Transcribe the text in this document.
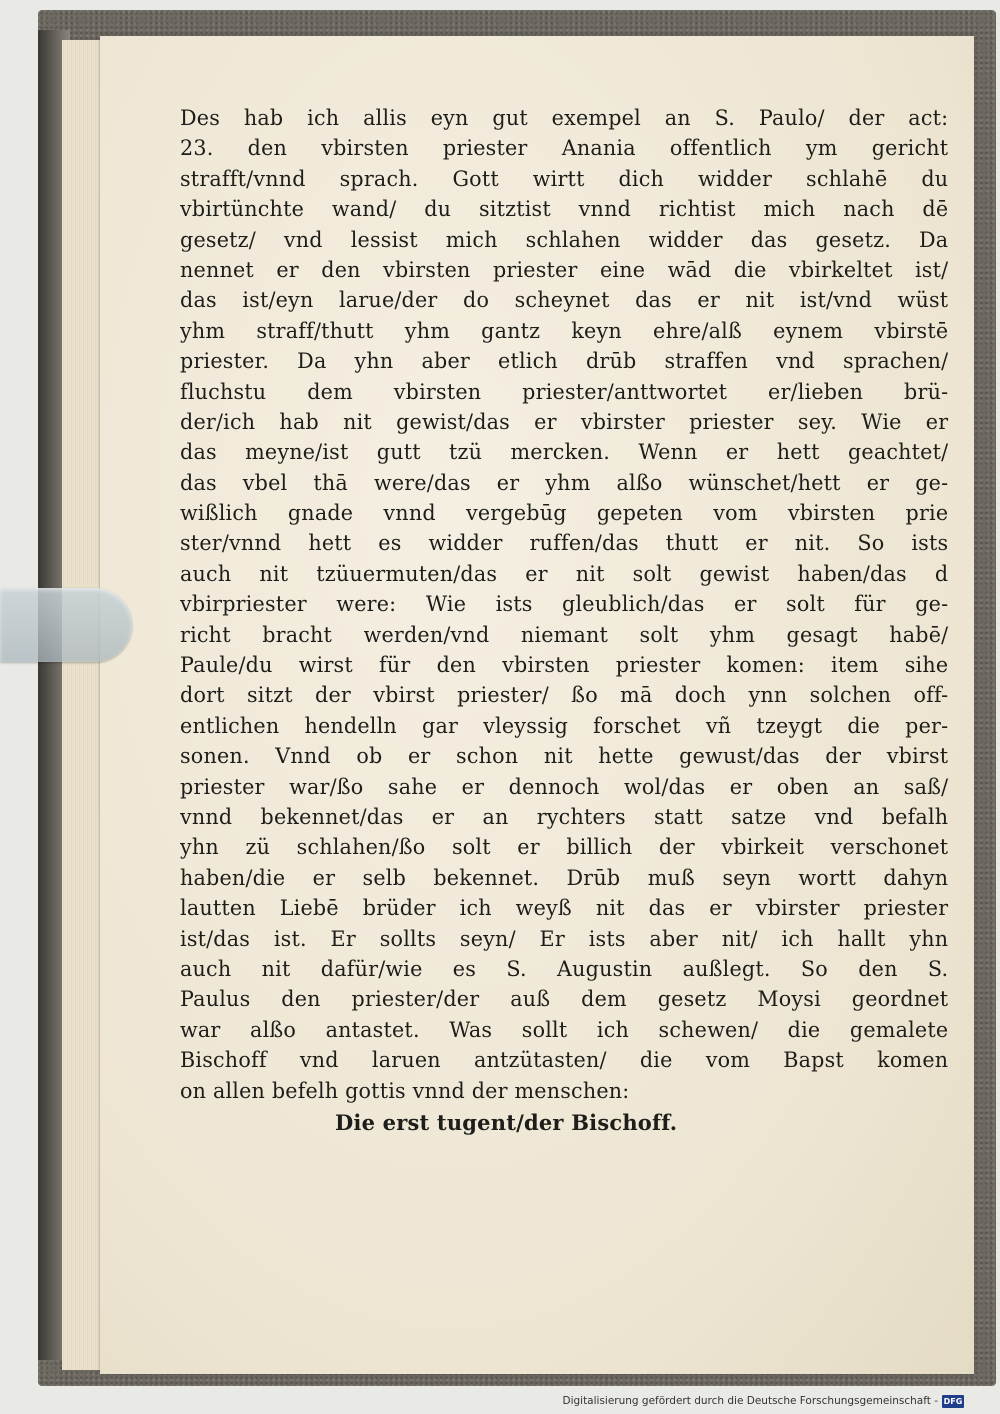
Des hab ich allis eyn gut exempel an S. Paulo/ der act:
23. den vbirsten priester Anania offentlich ym gericht
strafft/vnnd sprach. Gott wirtt dich widder schlahē du
vbirtünchte wand/ du sitztist vnnd richtist mich nach dē
gesetz/ vnd lessist mich schlahen widder das gesetz. Da
nennet er den vbirsten priester eine wād die vbirkeltet ist/
das ist/eyn larue/der do scheynet das er nit ist/vnd wüst
yhm straff/thutt yhm gantz keyn ehre/alß eynem vbirstē
priester. Da yhn aber etlich drūb straffen vnd sprachen/
fluchstu dem vbirsten priester/anttwortet er/lieben brü-
der/ich hab nit gewist/das er vbirster priester sey. Wie er
das meyne/ist gutt tzü mercken. Wenn er hett geachtet/
das vbel thā were/das er yhm alßo wünschet/hett er ge-
wißlich gnade vnnd vergebūg gepeten vom vbirsten prie
ster/vnnd hett es widder ruffen/das thutt er nit. So ists
auch nit tzüuermuten/das er nit solt gewist haben/das d
vbirpriester were: Wie ists gleublich/das er solt für ge-
richt bracht werden/vnd niemant solt yhm gesagt habē/
Paule/du wirst für den vbirsten priester komen: item sihe
dort sitzt der vbirst priester/ ßo mā doch ynn solchen off-
entlichen hendelln gar vleyssig forschet vñ tzeygt die per-
sonen. Vnnd ob er schon nit hette gewust/das der vbirst
priester war/ßo sahe er dennoch wol/das er oben an saß/
vnnd bekennet/das er an rychters statt satze vnd befalh
yhn zü schlahen/ßo solt er billich der vbirkeit verschonet
haben/die er selb bekennet. Drūb muß seyn wortt dahyn
lautten Liebē brüder ich weyß nit das er vbirster priester
ist/das ist. Er sollts seyn/ Er ists aber nit/ ich hallt yhn
auch nit dafür/wie es S. Augustin außlegt. So den S.
Paulus den priester/der auß dem gesetz Moysi geordnet
war alßo antastet. Was sollt ich schewen/ die gemalete
Bischoff vnd laruen antzütasten/ die vom Bapst komen
on allen befelh gottis vnnd der menschen:
Die erst tugent/der Bischoff.
Digitalisierung gefördert durch die Deutsche Forschungsgemeinschaft - DFG
